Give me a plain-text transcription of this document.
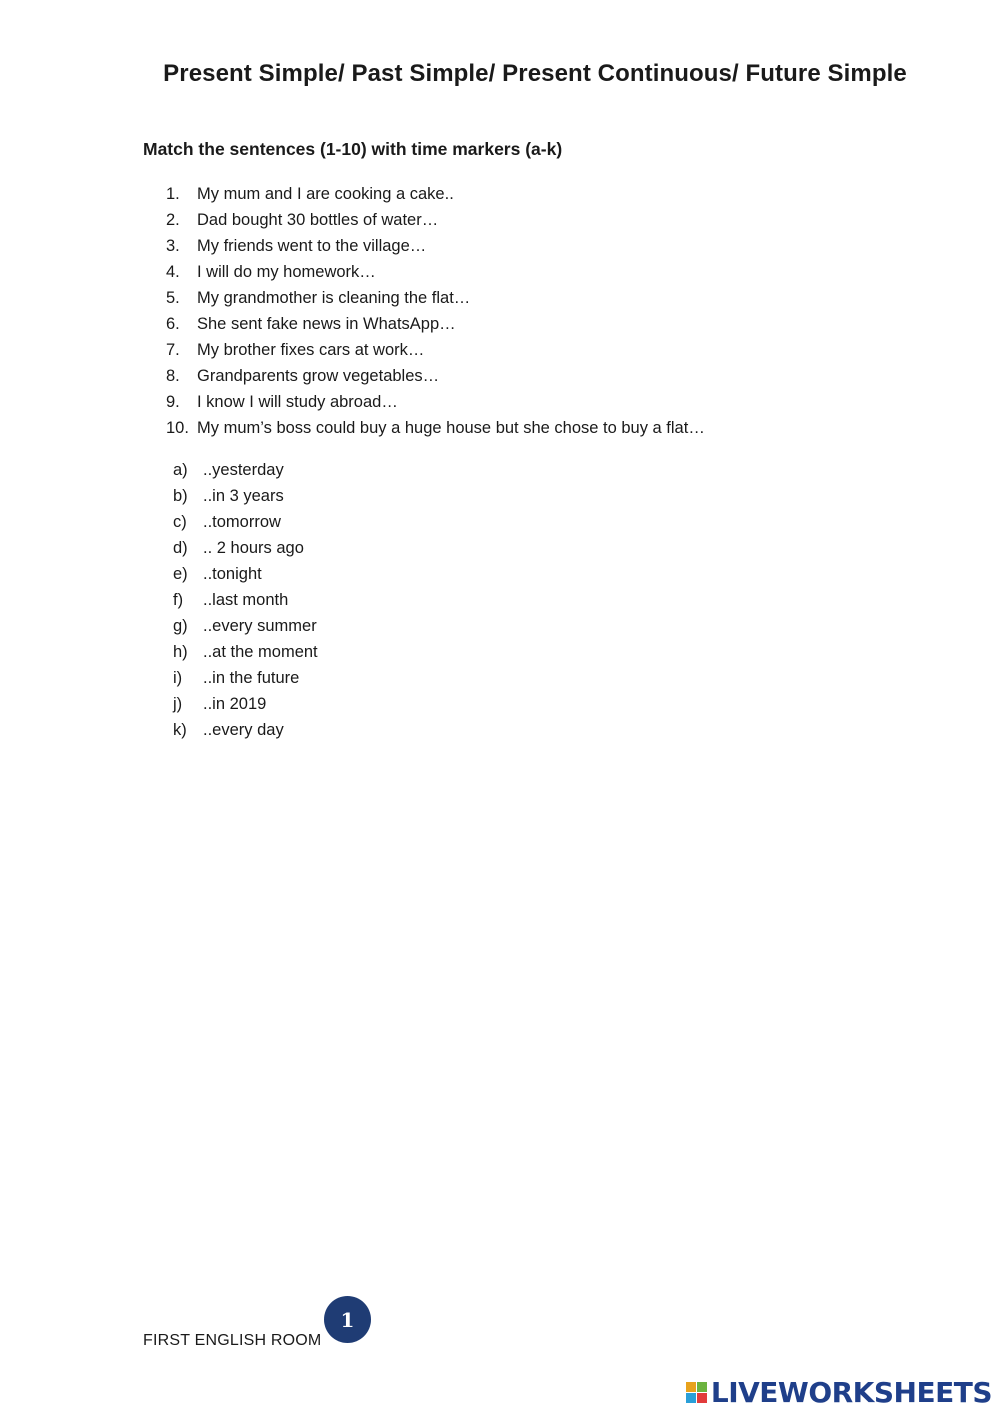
Present Simple/ Past Simple/ Present Continuous/ Future Simple
Match the sentences (1-10) with time markers (a-k)
1.	My mum and I are cooking a cake..
2.	Dad bought 30 bottles of water…
3.	My friends went to the village…
4.	I will do my homework…
5.	My grandmother is cleaning the flat…
6.	She sent fake news in WhatsApp…
7.	My brother fixes cars at work…
8.	Grandparents grow vegetables…
9.	I know I will study abroad…
10. My mum’s boss could buy a huge house but she chose to buy a flat…
a) ..yesterday
b) ..in 3 years
c) ..tomorrow
d) .. 2 hours ago
e) ..tonight
f)	..last month
g) ..every summer
h) ..at the moment
i)	..in the future
j)	..in 2019
k) ..every day
FIRST ENGLISH ROOM
1
LIVEWORKSHEETS
